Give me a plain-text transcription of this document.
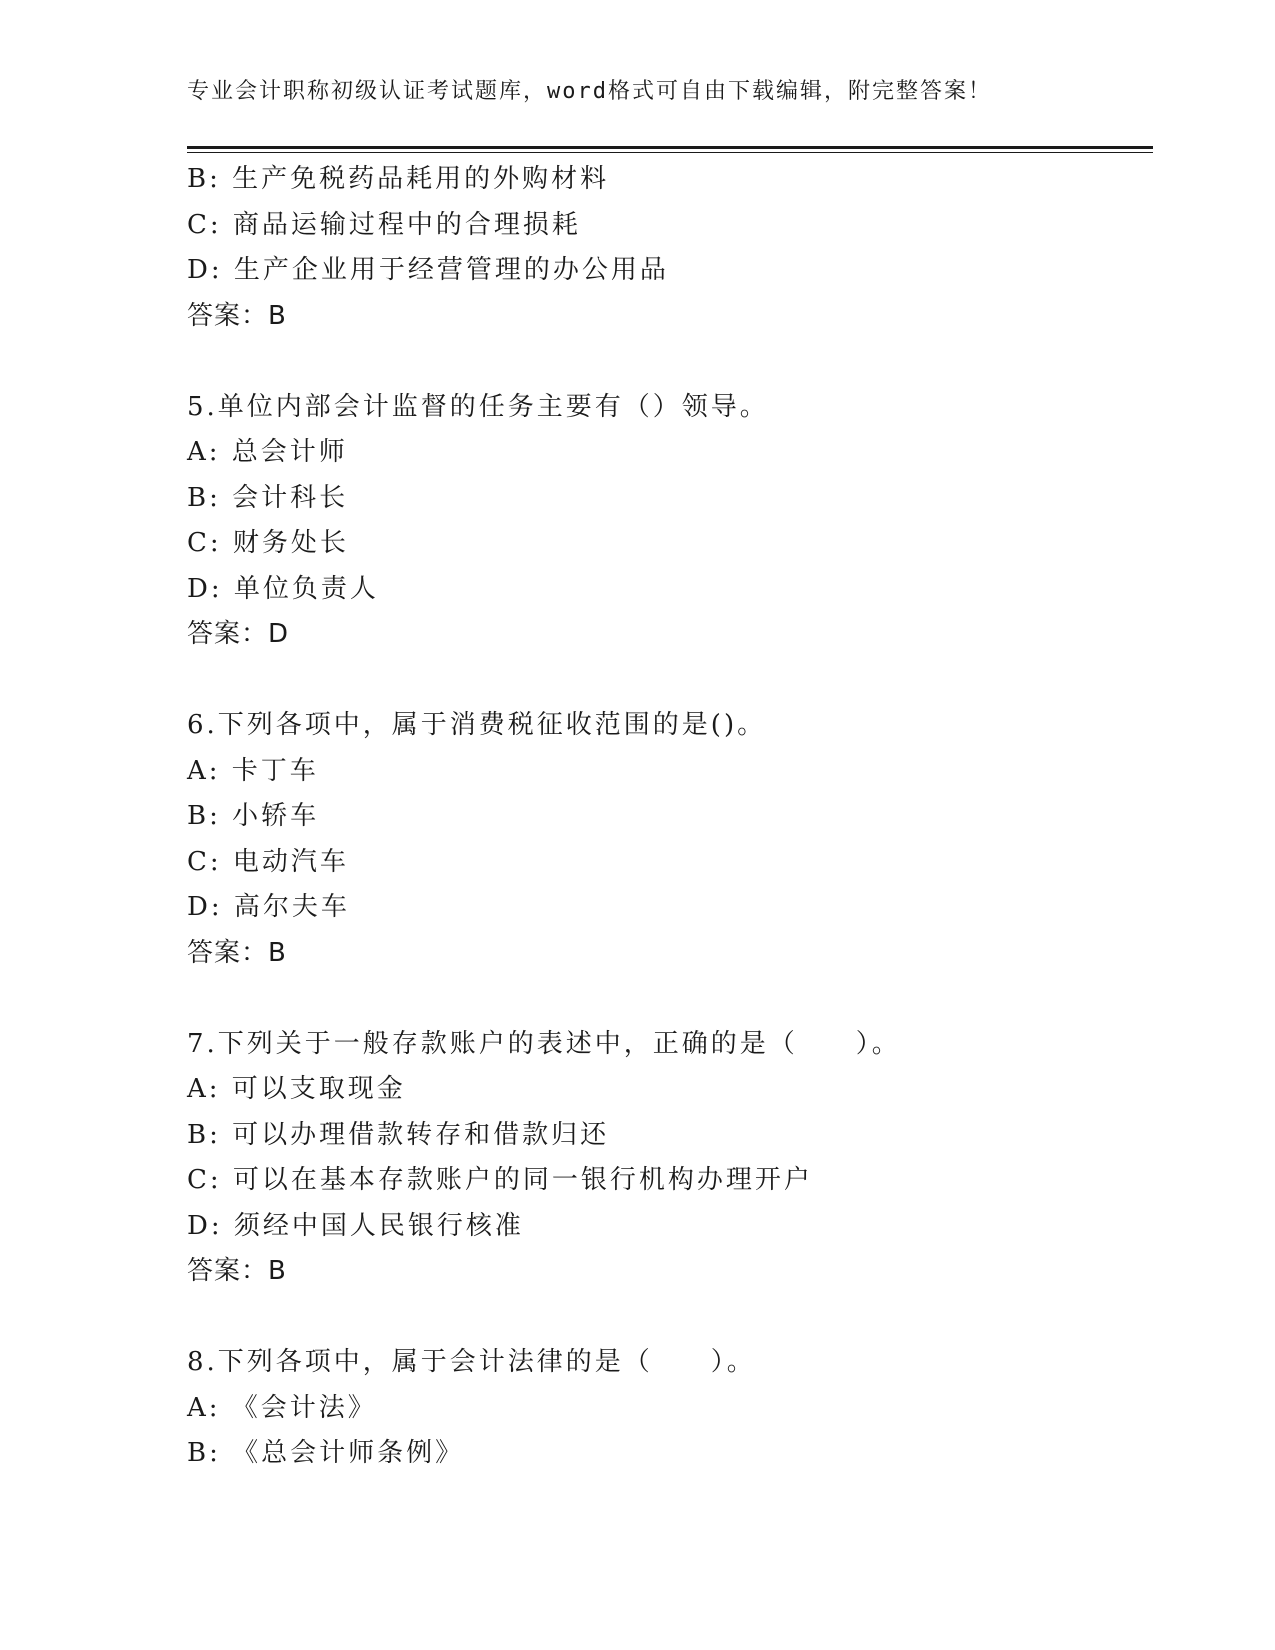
专业会计职称初级认证考试题库，word格式可自由下载编辑，附完整答案！
B: 生产免税药品耗用的外购材料
C: 商品运输过程中的合理损耗
D: 生产企业用于经营管理的办公用品
答案：B
5.单位内部会计监督的任务主要有（）领导。
A: 总会计师
B: 会计科长
C: 财务处长
D: 单位负责人
答案：D
6.下列各项中，属于消费税征收范围的是()。
A: 卡丁车
B: 小轿车
C: 电动汽车
D: 高尔夫车
答案：B
7.下列关于一般存款账户的表述中，正确的是（　　）。
A: 可以支取现金
B: 可以办理借款转存和借款归还
C: 可以在基本存款账户的同一银行机构办理开户
D: 须经中国人民银行核准
答案：B
8.下列各项中，属于会计法律的是（　　）。
A: 《会计法》
B: 《总会计师条例》
